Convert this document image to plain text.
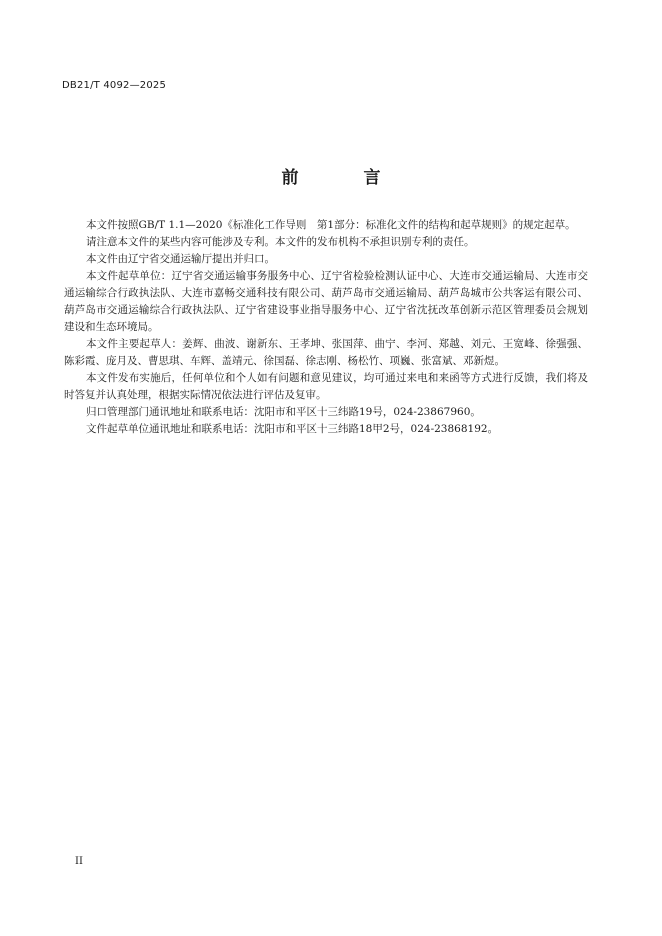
DB21/T 4092—2025
前　言

本文件按照GB/T 1.1—2020《标准化工作导则　第1部分：标准化文件的结构和起草规则》的规定起草。

请注意本文件的某些内容可能涉及专利。本文件的发布机构不承担识别专利的责任。

本文件由辽宁省交通运输厅提出并归口。

本文件起草单位：辽宁省交通运输事务服务中心、辽宁省检验检测认证中心、大连市交通运输局、大连市交通运输综合行政执法队、大连市嘉畅交通科技有限公司、葫芦岛市交通运输局、葫芦岛城市公共客运有限公司、葫芦岛市交通运输综合行政执法队、辽宁省建设事业指导服务中心、辽宁省沈抚改革创新示范区管理委员会规划建设和生态环境局。

本文件主要起草人：姜辉、曲波、谢新东、王孝坤、张国萍、曲宁、李河、郑越、刘元、王宽峰、徐强强、陈彩霞、庞月及、曹思琪、车辉、盖靖元、徐国磊、徐志刚、杨松竹、项巍、张富斌、邓新煜。

本文件发布实施后，任何单位和个人如有问题和意见建议，均可通过来电和来函等方式进行反馈，我们将及时答复并认真处理，根据实际情况依法进行评估及复审。

归口管理部门通讯地址和联系电话：沈阳市和平区十三纬路19号，024-23867960。

文件起草单位通讯地址和联系电话：沈阳市和平区十三纬路18甲2号，024-23868192。

II
